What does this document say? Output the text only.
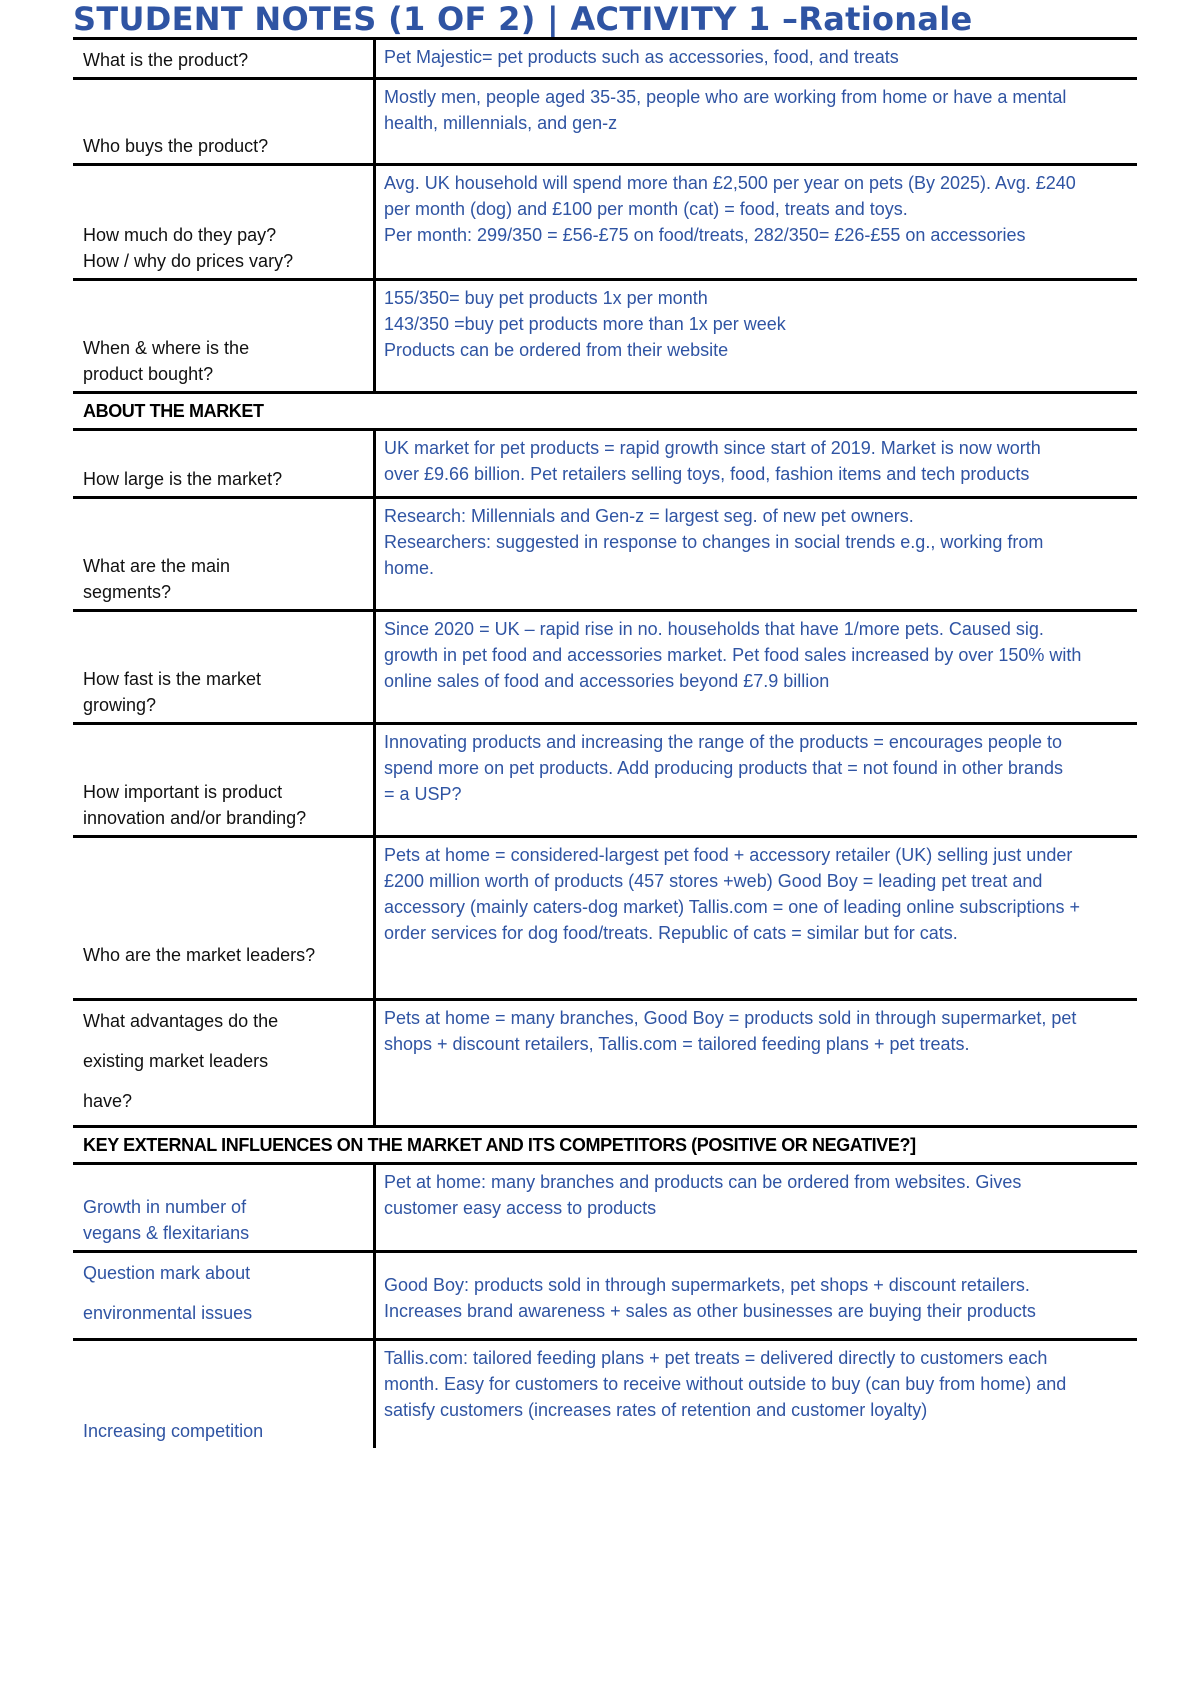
STUDENT NOTES (1 OF 2) | ACTIVITY 1 –Rationale
What is the product?	Pet Majestic= pet products such as accessories, food, and treats

Who buys the product?	Mostly men, people aged 35-35, people who are working from home or have a mental
health, millennials, and gen-z

How much do they pay?
How / why do prices vary?	Avg. UK household will spend more than £2,500 per year on pets (By 2025). Avg. £240
per month (dog) and £100 per month (cat) = food, treats and toys.
Per month: 299/350 = £56-£75 on food/treats, 282/350= £26-£55 on accessories

When & where is the
product bought?	155/350= buy pet products 1x per month
143/350 =buy pet products more than 1x per week
Products can be ordered from their website

ABOUT THE MARKET	

How large is the market?	UK market for pet products = rapid growth since start of 2019. Market is now worth
over £9.66 billion. Pet retailers selling toys, food, fashion items and tech products

What are the main
segments?	Research: Millennials and Gen-z = largest seg. of new pet owners.
Researchers: suggested in response to changes in social trends e.g., working from
home.

How fast is the market
growing?	Since 2020 = UK – rapid rise in no. households that have 1/more pets. Caused sig.
growth in pet food and accessories market. Pet food sales increased by over 150% with
online sales of food and accessories beyond £7.9 billion

How important is product
innovation and/or branding?	Innovating products and increasing the range of the products = encourages people to
spend more on pet products. Add producing products that = not found in other brands
= a USP?

Who are the market leaders?	Pets at home = considered-largest pet food + accessory retailer (UK) selling just under
£200 million worth of products (457 stores +web) Good Boy = leading pet treat and
accessory (mainly caters-dog market) Tallis.com = one of leading online subscriptions +
order services for dog food/treats. Republic of cats = similar but for cats.

What advantages do the
existing market leaders
have?	Pets at home = many branches, Good Boy = products sold in through supermarket, pet
shops + discount retailers, Tallis.com = tailored feeding plans + pet treats.

KEY EXTERNAL INFLUENCES ON THE MARKET AND ITS COMPETITORS (POSITIVE OR NEGATIVE?]	

Growth in number of
vegans & flexitarians	Pet at home: many branches and products can be ordered from websites. Gives
customer easy access to products

Question mark about
environmental issues	Good Boy: products sold in through supermarkets, pet shops + discount retailers.
Increases brand awareness + sales as other businesses are buying their products

Increasing competition	Tallis.com: tailored feeding plans + pet treats = delivered directly to customers each
month. Easy for customers to receive without outside to buy (can buy from home) and
satisfy customers (increases rates of retention and customer loyalty)
